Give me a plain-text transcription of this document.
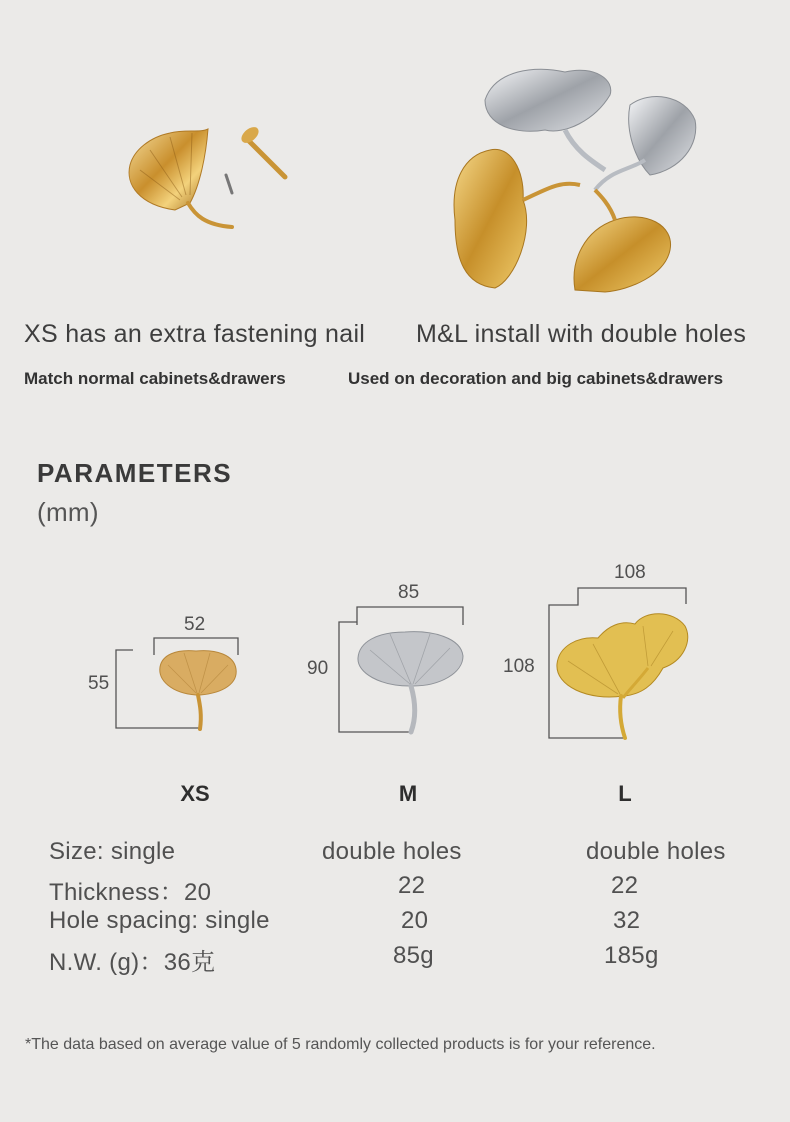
XS has an extra fastening nail M&L install with double holes
Match normal cabinets&drawers	Used on decoration and big cabinets&drawers
PARAMETERS
(mm)
52
55
85
90
108
108
XS	M	L
Size: single	double holes	double holes
Thickness：20	22	22
Hole spacing: single	20	32
N.W. (g)：36克	85g	185g
*The data based on average value of 5 randomly collected products is for your reference.
